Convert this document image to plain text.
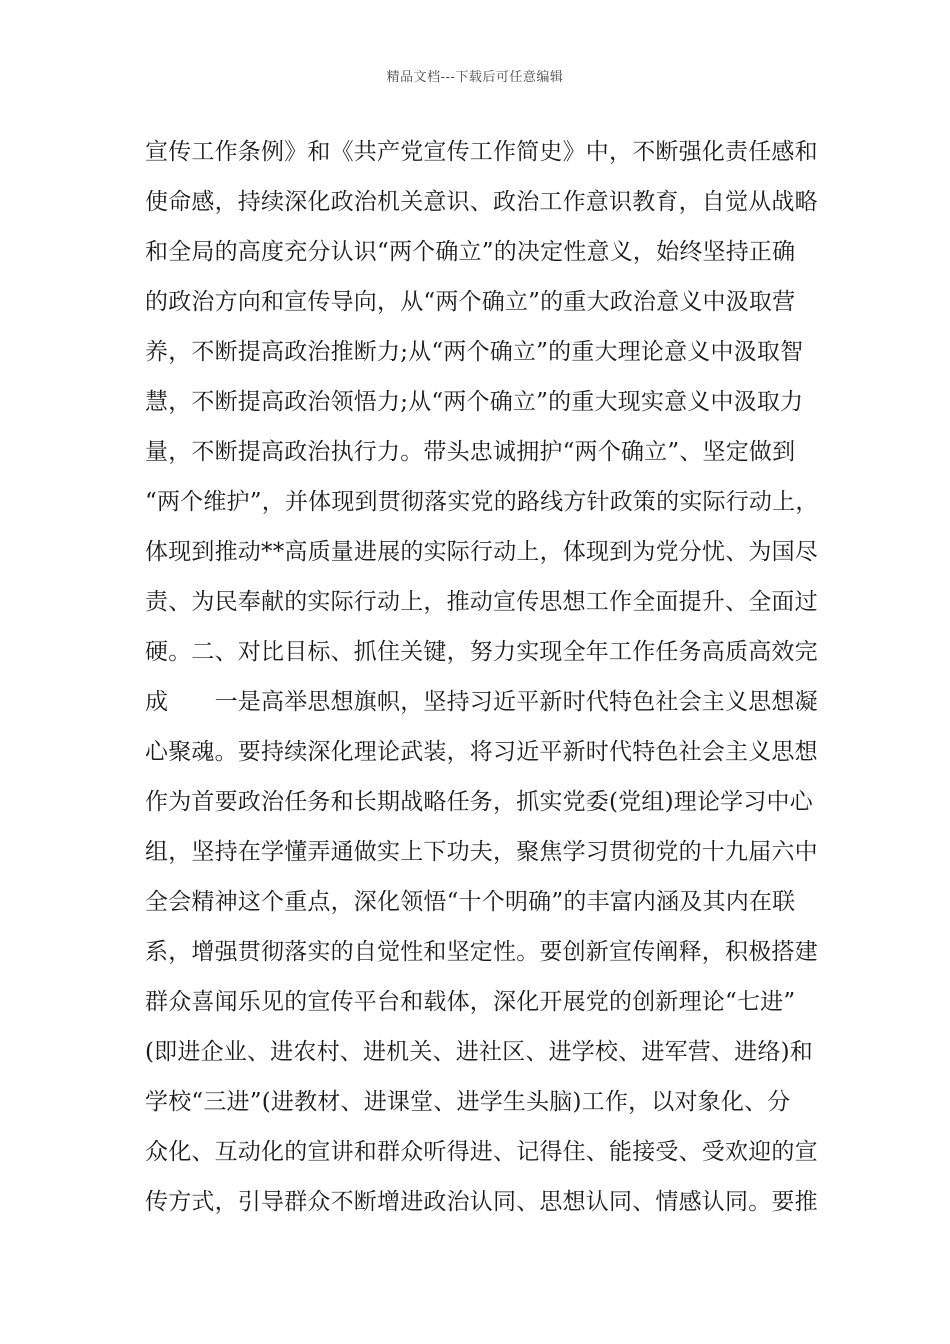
精品文档---下载后可任意编辑
宣传工作条例》和《共产党宣传工作简史》中，不断强化责任感和
使命感，持续深化政治机关意识、政治工作意识教育，自觉从战略
和全局的高度充分认识“两个确立”的决定性意义，始终坚持正确
的政治方向和宣传导向，从“两个确立”的重大政治意义中汲取营
养，不断提高政治推断力;从“两个确立”的重大理论意义中汲取智
慧，不断提高政治领悟力;从“两个确立”的重大现实意义中汲取力
量，不断提高政治执行力。带头忠诚拥护“两个确立”、坚定做到
“两个维护”，并体现到贯彻落实党的路线方针政策的实际行动上，
体现到推动**高质量进展的实际行动上，体现到为党分忧、为国尽
责、为民奉献的实际行动上，推动宣传思想工作全面提升、全面过
硬。二、对比目标、抓住关键，努力实现全年工作任务高质高效完
成　　一是高举思想旗帜，坚持习近平新时代特色社会主义思想凝
心聚魂。要持续深化理论武装，将习近平新时代特色社会主义思想
作为首要政治任务和长期战略任务，抓实党委(党组)理论学习中心
组，坚持在学懂弄通做实上下功夫，聚焦学习贯彻党的十九届六中
全会精神这个重点，深化领悟“十个明确”的丰富内涵及其内在联
系，增强贯彻落实的自觉性和坚定性。要创新宣传阐释，积极搭建
群众喜闻乐见的宣传平台和载体，深化开展党的创新理论“七进”
(即进企业、进农村、进机关、进社区、进学校、进军营、进络)和
学校“三进”(进教材、进课堂、进学生头脑)工作，以对象化、分
众化、互动化的宣讲和群众听得进、记得住、能接受、受欢迎的宣
传方式，引导群众不断增进政治认同、思想认同、情感认同。要推
